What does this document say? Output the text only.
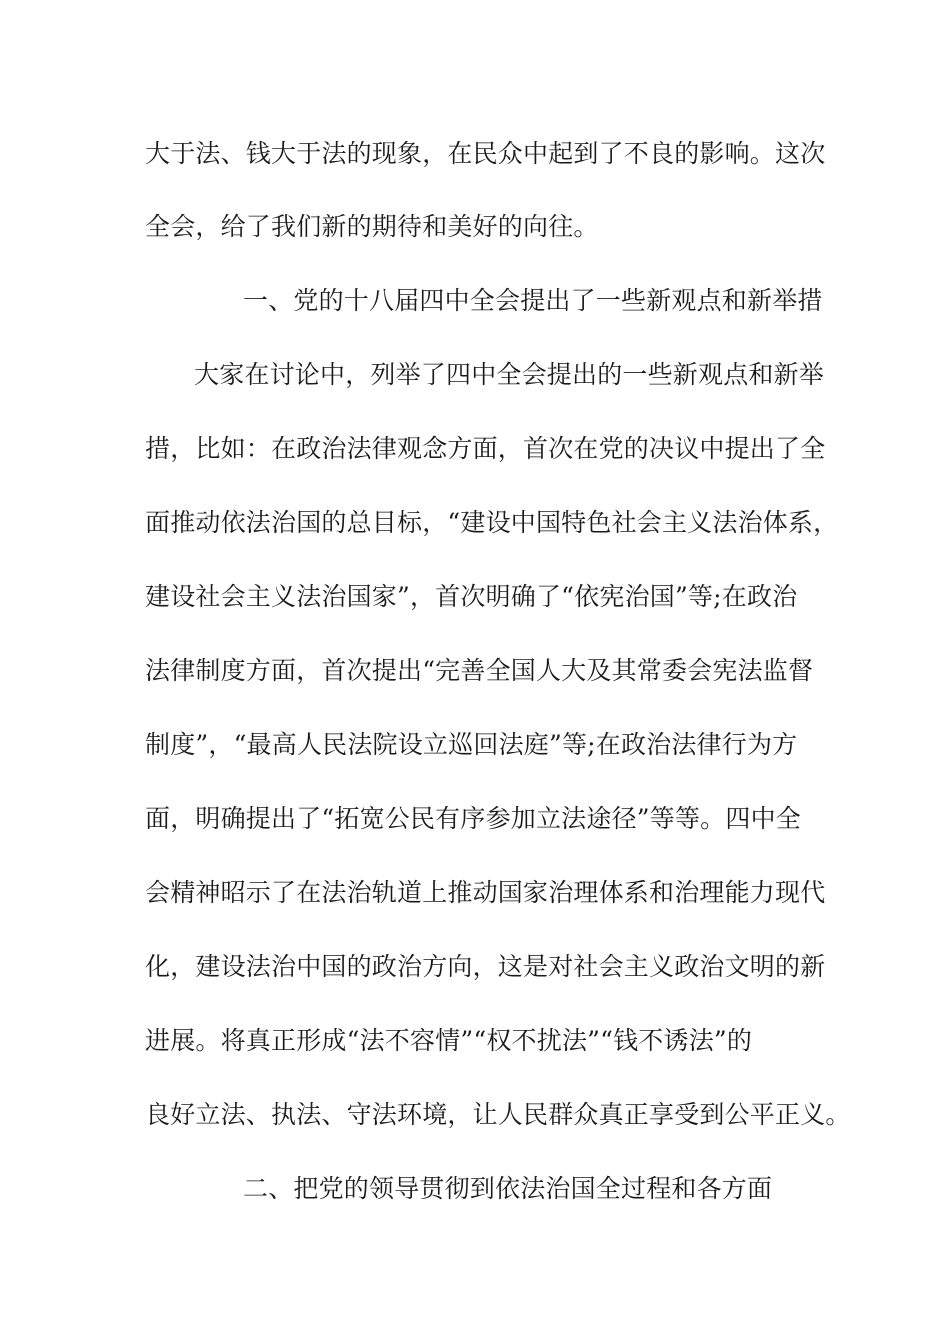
大于法、钱大于法的现象，在民众中起到了不良的影响。这次
全会，给了我们新的期待和美好的向往。
一、党的十八届四中全会提出了一些新观点和新举措
大家在讨论中，列举了四中全会提出的一些新观点和新举
措，比如：在政治法律观念方面，首次在党的决议中提出了全
面推动依法治国的总目标，“建设中国特色社会主义法治体系，
建设社会主义法治国家”，首次明确了“依宪治国”等;在政治
法律制度方面，首次提出“完善全国人大及其常委会宪法监督
制度”，“最高人民法院设立巡回法庭”等;在政治法律行为方
面，明确提出了“拓宽公民有序参加立法途径”等等。四中全
会精神昭示了在法治轨道上推动国家治理体系和治理能力现代
化，建设法治中国的政治方向，这是对社会主义政治文明的新
进展。将真正形成“法不容情”“权不扰法”“钱不诱法”的
良好立法、执法、守法环境，让人民群众真正享受到公平正义。
二、把党的领导贯彻到依法治国全过程和各方面
